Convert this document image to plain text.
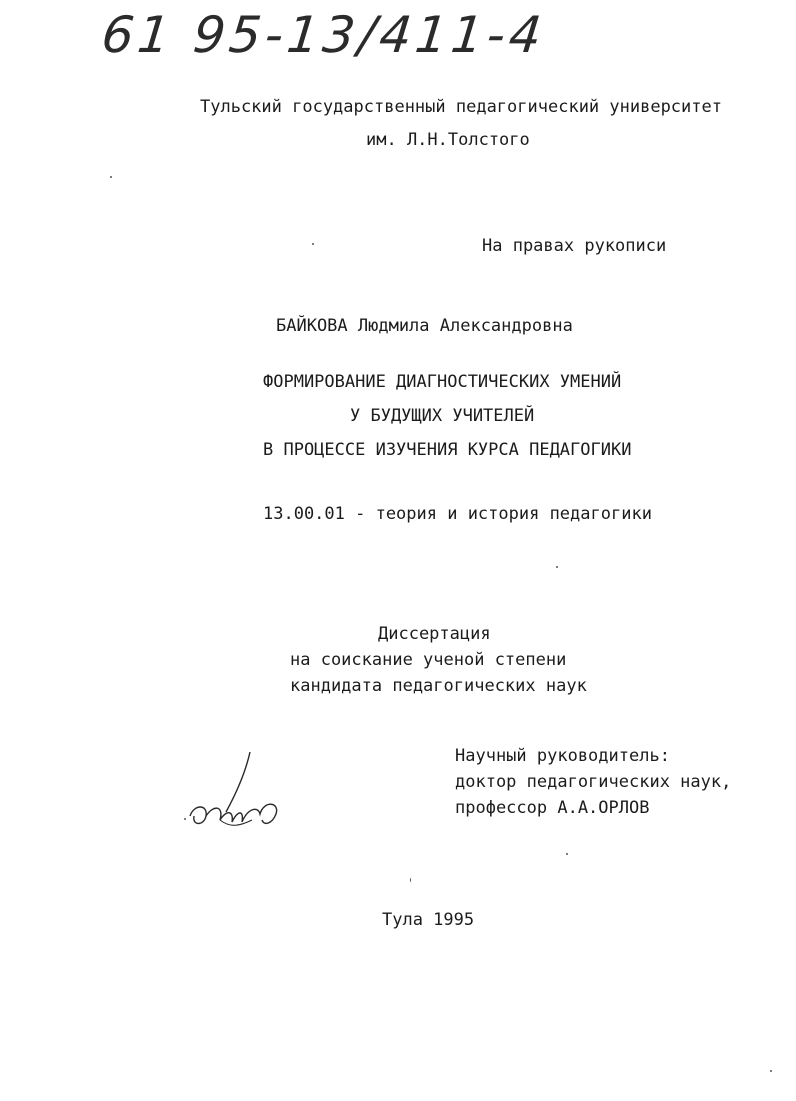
61 95-13/411-4
Тульский государственный педагогический университет
им. Л.Н.Толстого
На правах рукописи
БАЙКОВА Людмила Александровна
ФОРМИРОВАНИЕ ДИАГНОСТИЧЕСКИХ УМЕНИЙ
У БУДУЩИХ УЧИТЕЛЕЙ
В ПРОЦЕССЕ ИЗУЧЕНИЯ КУРСА ПЕДАГОГИКИ
13.00.01 - теория и история педагогики
Диссертация
на соискание ученой степени
кандидата педагогических наук
Научный руководитель:
доктор педагогических наук,
профессор А.А.ОРЛОВ
Тула 1995
